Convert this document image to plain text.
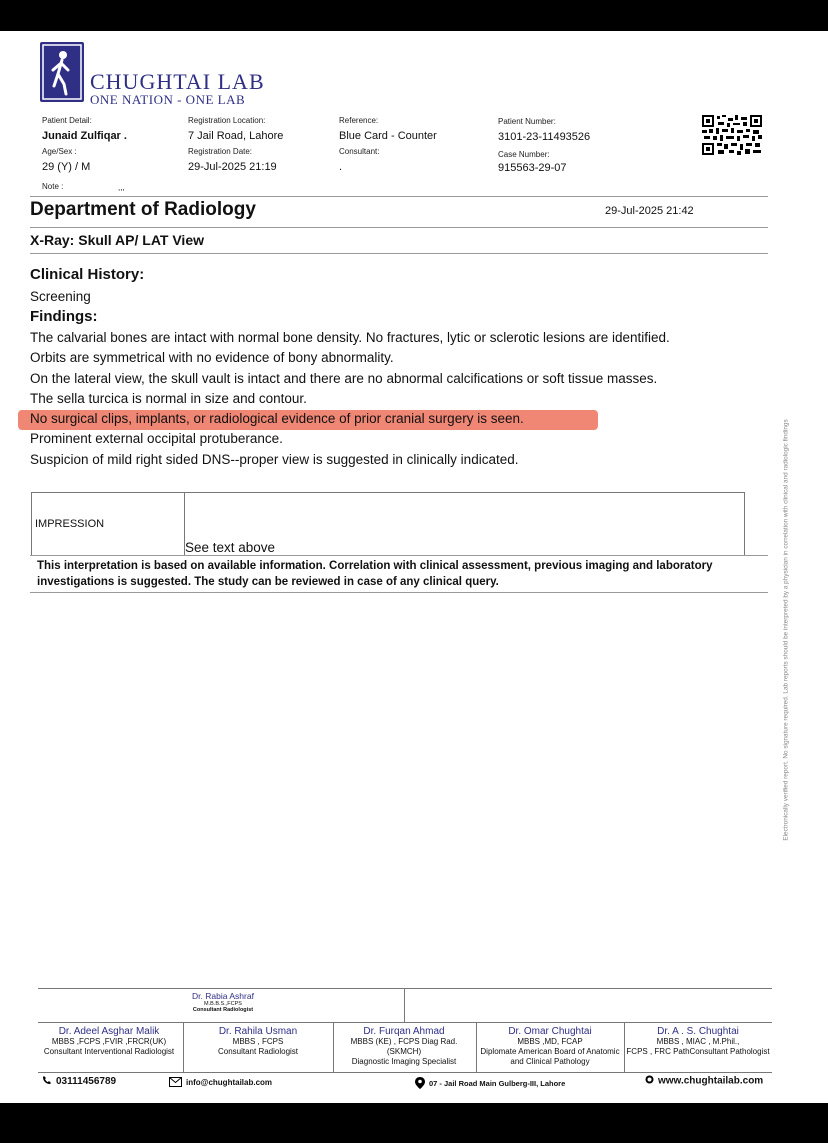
CHUGHTAI LAB
ONE NATION - ONE LAB
Patient Detail:
Junaid Zulfiqar .
Age/Sex :
29 (Y) / M
Note :	,,,
Registration Location:
7 Jail Road, Lahore
Registration Date:
29-Jul-2025 21:19
Reference:
Blue Card - Counter
Consultant:
.
Patient Number:
3101-23-11493526
Case Number:
915563-29-07
Department of Radiology	29-Jul-2025 21:42
X-Ray: Skull AP/ LAT View
Clinical History:
Screening
Findings:
The calvarial bones are intact with normal bone density. No fractures, lytic or sclerotic lesions are identified.
Orbits are symmetrical with no evidence of bony abnormality.
On the lateral view, the skull vault is intact and there are no abnormal calcifications or soft tissue masses.
The sella turcica is normal in size and contour.
No surgical clips, implants, or radiological evidence of prior cranial surgery is seen.
Prominent external occipital protuberance.
Suspicion of mild right sided DNS--proper view is suggested in clinically indicated.
IMPRESSION
See text above
This interpretation is based on available information. Correlation with clinical assessment, previous imaging and laboratory investigations is suggested. The study can be reviewed in case of any clinical query.	Electronically verified report. No signature required. Lab reports should be interpreted by a physician in correlation with clinical and radiologic findings
Dr. Rabia Ashraf
M.B.B.S.,FCPS
Consultant Radiologist
Dr. Adeel Asghar Malik
MBBS ,FCPS ,FVIR ,FRCR(UK)
Consultant Interventional Radiologist
Dr. Rahila Usman
MBBS , FCPS
Consultant Radiologist
Dr. Furqan Ahmad
MBBS (KE) , FCPS Diag Rad. (SKMCH)
Diagnostic Imaging Specialist
Dr. Omar Chughtai
MBBS ,MD, FCAP
Diplomate American Board of Anatomic and Clinical Pathology
Dr. A . S. Chughtai
MBBS , MIAC , M.Phil.,
FCPS , FRC PathConsultant Pathologist
03111456789	info@chughtailab.com	07 - Jail Road Main Gulberg-III, Lahore	www.chughtailab.com
